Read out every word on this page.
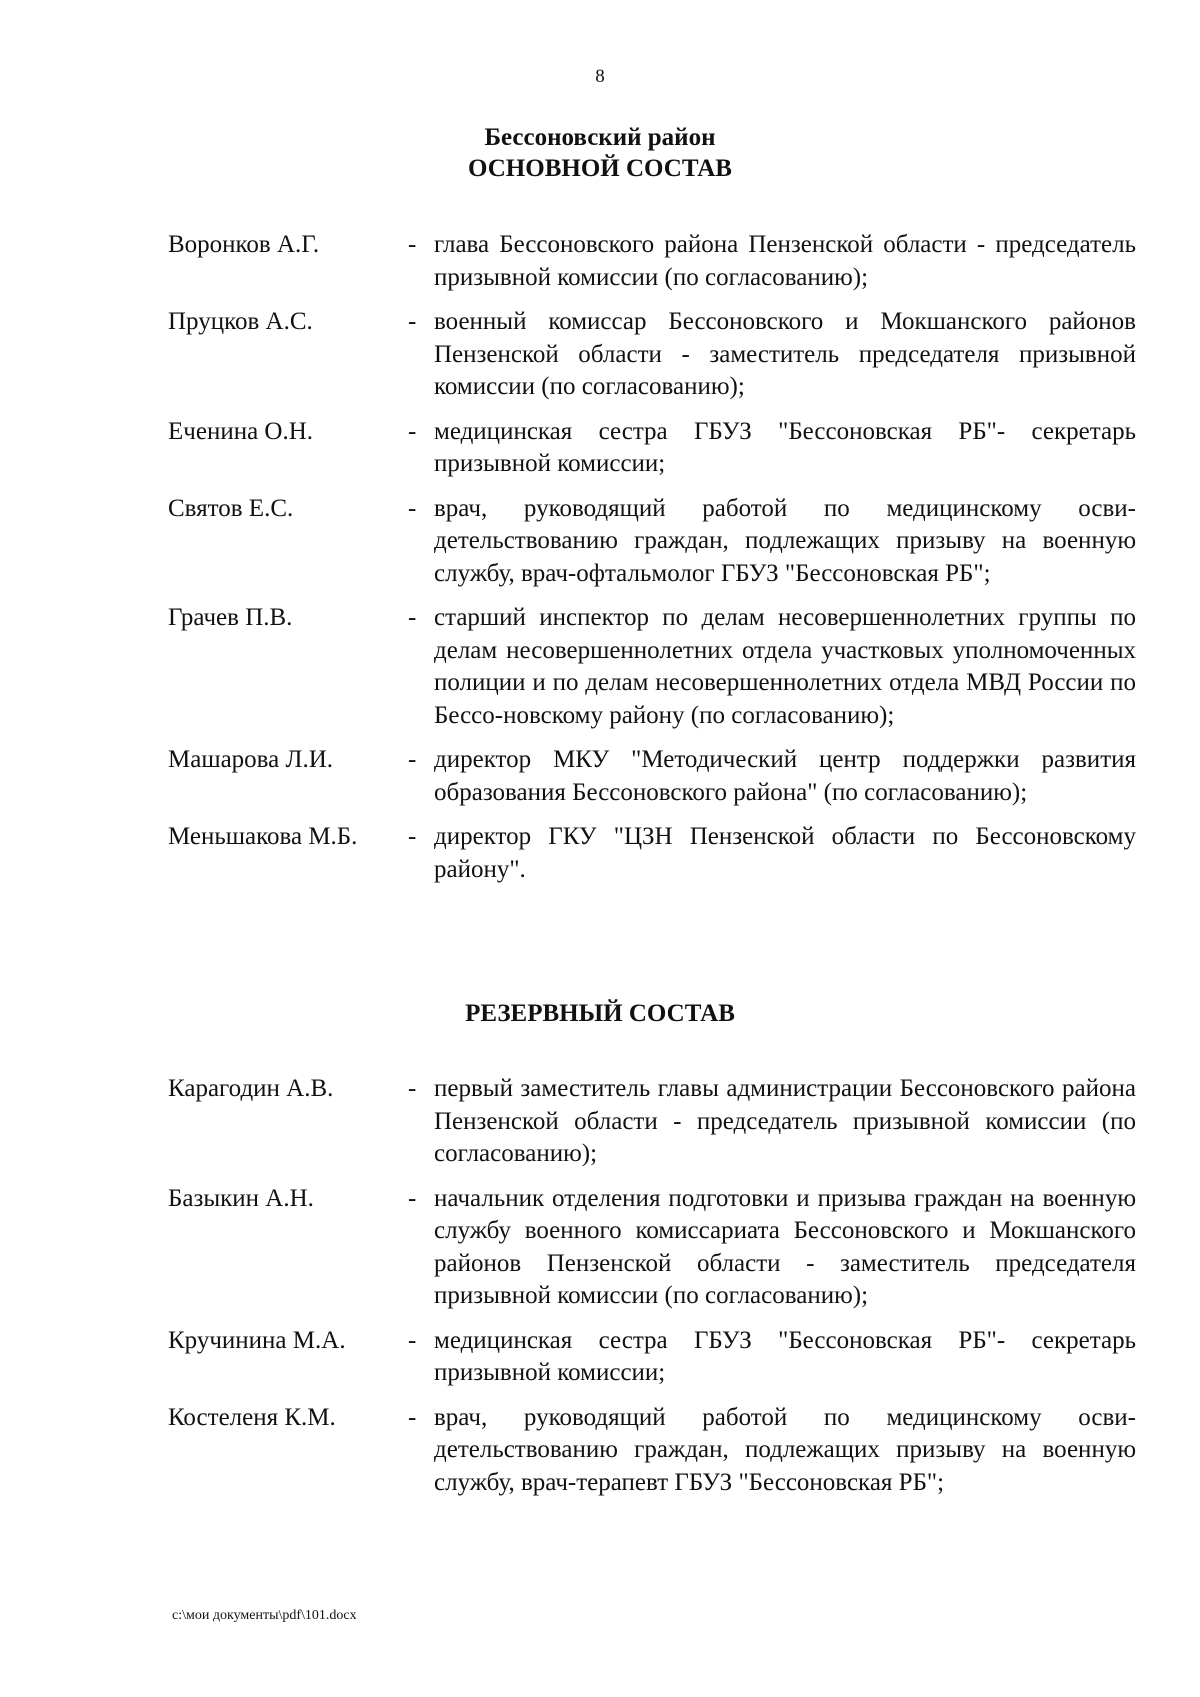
8
Бессоновский район
ОСНОВНОЙ СОСТАВ
Воронков А.Г.	- глава Бессоновского района Пензенской области - председатель призывной комиссии (по согласованию);
Пруцков А.С.	- военный комиссар Бессоновского и Мокшанского районов Пензенской области - заместитель председателя призывной комиссии (по согласованию);
Еченина О.Н.	- медицинская сестра ГБУЗ "Бессоновская РБ"- секретарь призывной комиссии;
Святов Е.С.	- врач, руководящий работой по медицинскому осви-детельствованию граждан, подлежащих призыву на военную службу, врач-офтальмолог ГБУЗ "Бессоновская РБ";
Грачев П.В.	- старший инспектор по делам несовершеннолетних группы по делам несовершеннолетних отдела участковых уполномоченных полиции и по делам несовершеннолетних отдела МВД России по Бессо-новскому району (по согласованию);
Машарова Л.И.	- директор МКУ "Методический центр поддержки развития образования Бессоновского района" (по согласованию);
Меньшакова М.Б.	- директор ГКУ "ЦЗН Пензенской области по Бессоновскому району".
РЕЗЕРВНЫЙ СОСТАВ
Карагодин А.В.	- первый заместитель главы администрации Бессоновского района Пензенской области - председатель призывной комиссии (по согласованию);
Базыкин А.Н.	- начальник отделения подготовки и призыва граждан на военную службу военного комиссариата Бессоновского и Мокшанского районов Пензенской области - заместитель председателя призывной комиссии (по согласованию);
Кручинина М.А.	- медицинская сестра ГБУЗ "Бессоновская РБ"- секретарь призывной комиссии;
Костеленя К.М.	- врач, руководящий работой по медицинскому осви-детельствованию граждан, подлежащих призыву на военную службу, врач-терапевт ГБУЗ "Бессоновская РБ";
c:\мои документы\pdf\101.docx
